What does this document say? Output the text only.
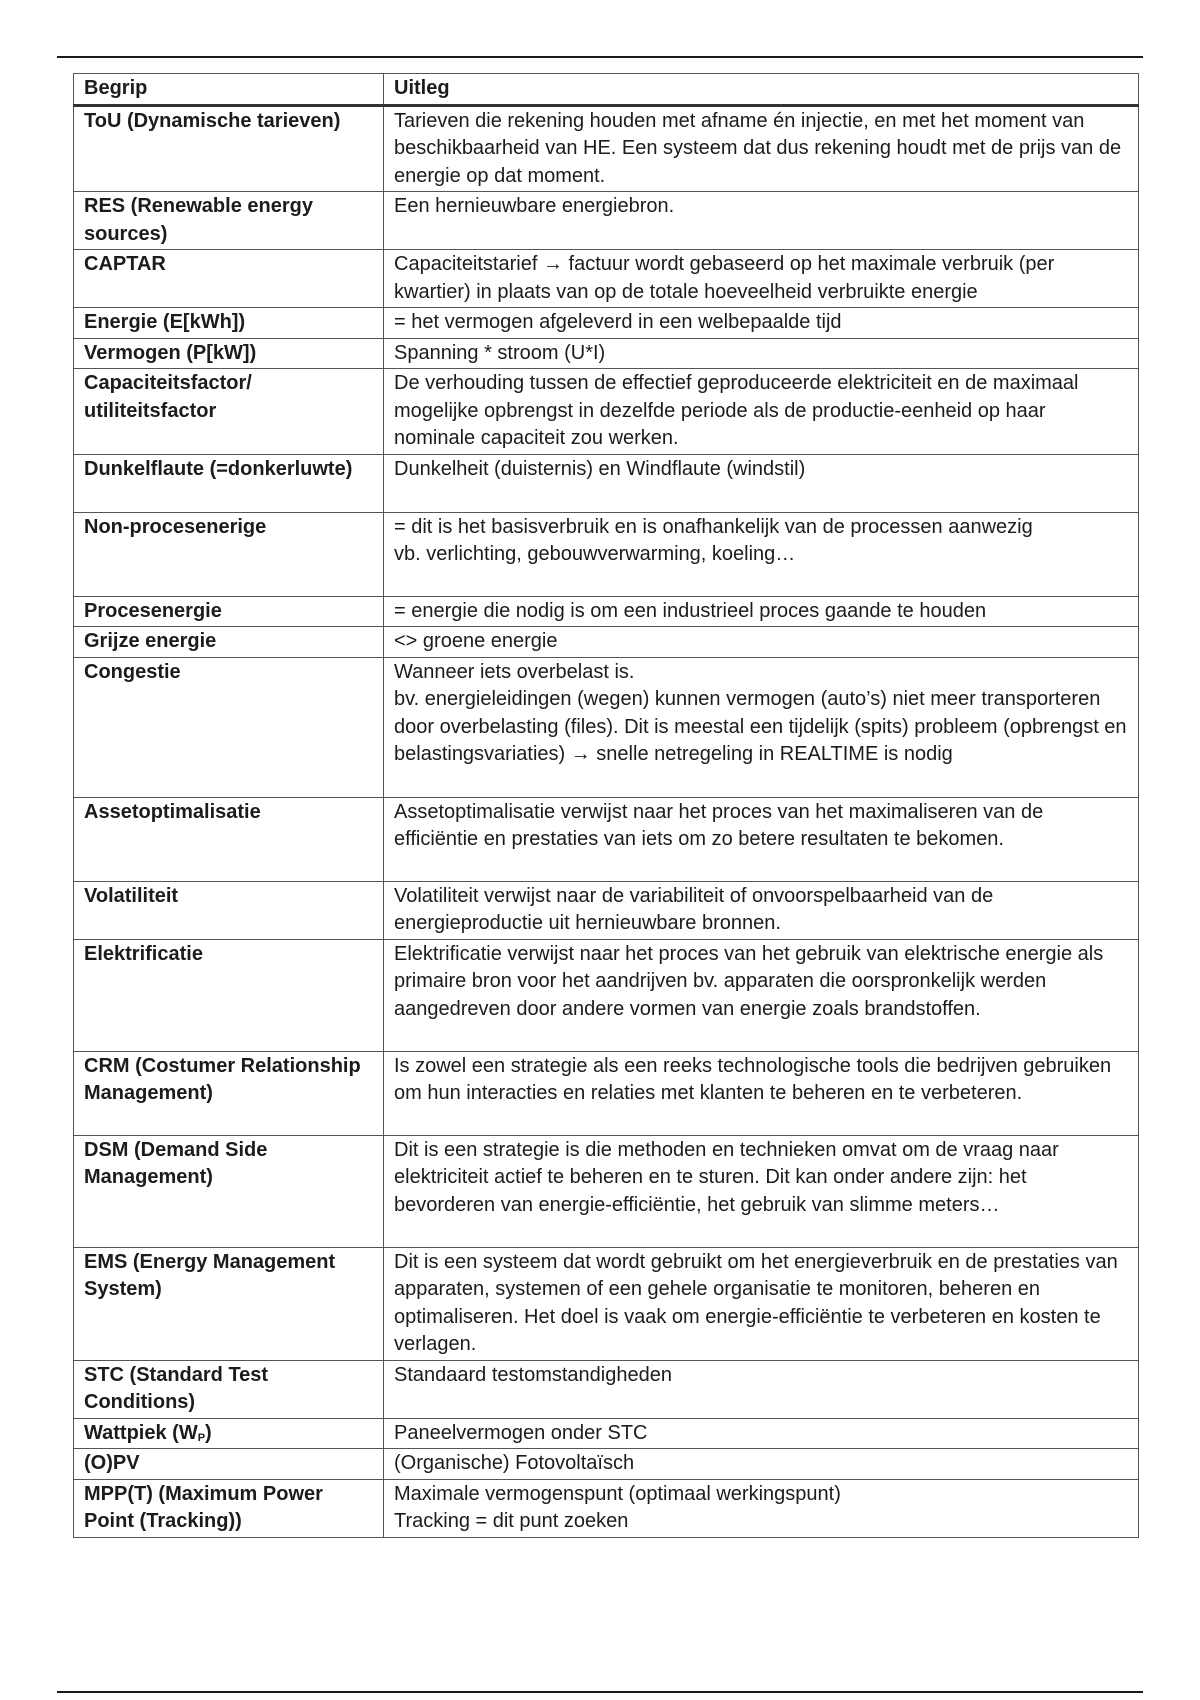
Begrip	Uitleg
ToU (Dynamische tarieven)	Tarieven die rekening houden met afname én injectie, en met het moment van beschikbaarheid van HE. Een systeem dat dus rekening houdt met de prijs van de energie op dat moment.
RES (Renewable energy sources)	Een hernieuwbare energiebron.
CAPTAR	Capaciteitstarief → factuur wordt gebaseerd op het maximale verbruik (per kwartier) in plaats van op de totale hoeveelheid verbruikte energie
Energie (E[kWh])	= het vermogen afgeleverd in een welbepaalde tijd
Vermogen (P[kW])	Spanning * stroom (U*I)
Capaciteitsfactor/ utiliteitsfactor	De verhouding tussen de effectief geproduceerde elektriciteit en de maximaal mogelijke opbrengst in dezelfde periode als de productie-eenheid op haar nominale capaciteit zou werken.
Dunkelflaute (=donkerluwte)	Dunkelheit (duisternis) en Windflaute (windstil)
Non-procesenerige	= dit is het basisverbruik en is onafhankelijk van de processen aanwezig
vb. verlichting, gebouwverwarming, koeling…
Procesenergie	= energie die nodig is om een industrieel proces gaande te houden
Grijze energie	<> groene energie
Congestie	Wanneer iets overbelast is.
bv. energieleidingen (wegen) kunnen vermogen (auto’s) niet meer transporteren door overbelasting (files). Dit is meestal een tijdelijk (spits) probleem (opbrengst en belastingsvariaties) → snelle netregeling in REALTIME is nodig
Assetoptimalisatie	Assetoptimalisatie verwijst naar het proces van het maximaliseren van de efficiëntie en prestaties van iets om zo betere resultaten te bekomen.
Volatiliteit	Volatiliteit verwijst naar de variabiliteit of onvoorspelbaarheid van de energieproductie uit hernieuwbare bronnen.
Elektrificatie	Elektrificatie verwijst naar het proces van het gebruik van elektrische energie als primaire bron voor het aandrijven bv. apparaten die oorspronkelijk werden aangedreven door andere vormen van energie zoals brandstoffen.
CRM (Costumer Relationship Management)	Is zowel een strategie als een reeks technologische tools die bedrijven gebruiken om hun interacties en relaties met klanten te beheren en te verbeteren.
DSM (Demand Side Management)	Dit is een strategie is die methoden en technieken omvat om de vraag naar elektriciteit actief te beheren en te sturen. Dit kan onder andere zijn: het bevorderen van energie-efficiëntie, het gebruik van slimme meters…
EMS (Energy Management System)	Dit is een systeem dat wordt gebruikt om het energieverbruik en de prestaties van apparaten, systemen of een gehele organisatie te monitoren, beheren en optimaliseren. Het doel is vaak om energie-efficiëntie te verbeteren en kosten te verlagen.
STC (Standard Test Conditions)	Standaard testomstandigheden
Wattpiek $(W_P)$	Paneelvermogen onder STC
(O)PV	(Organische) Fotovoltaïsch
MPP(T) (Maximum Power Point (Tracking))	Maximale vermogenspunt (optimaal werkingspunt)
Tracking = dit punt zoeken
